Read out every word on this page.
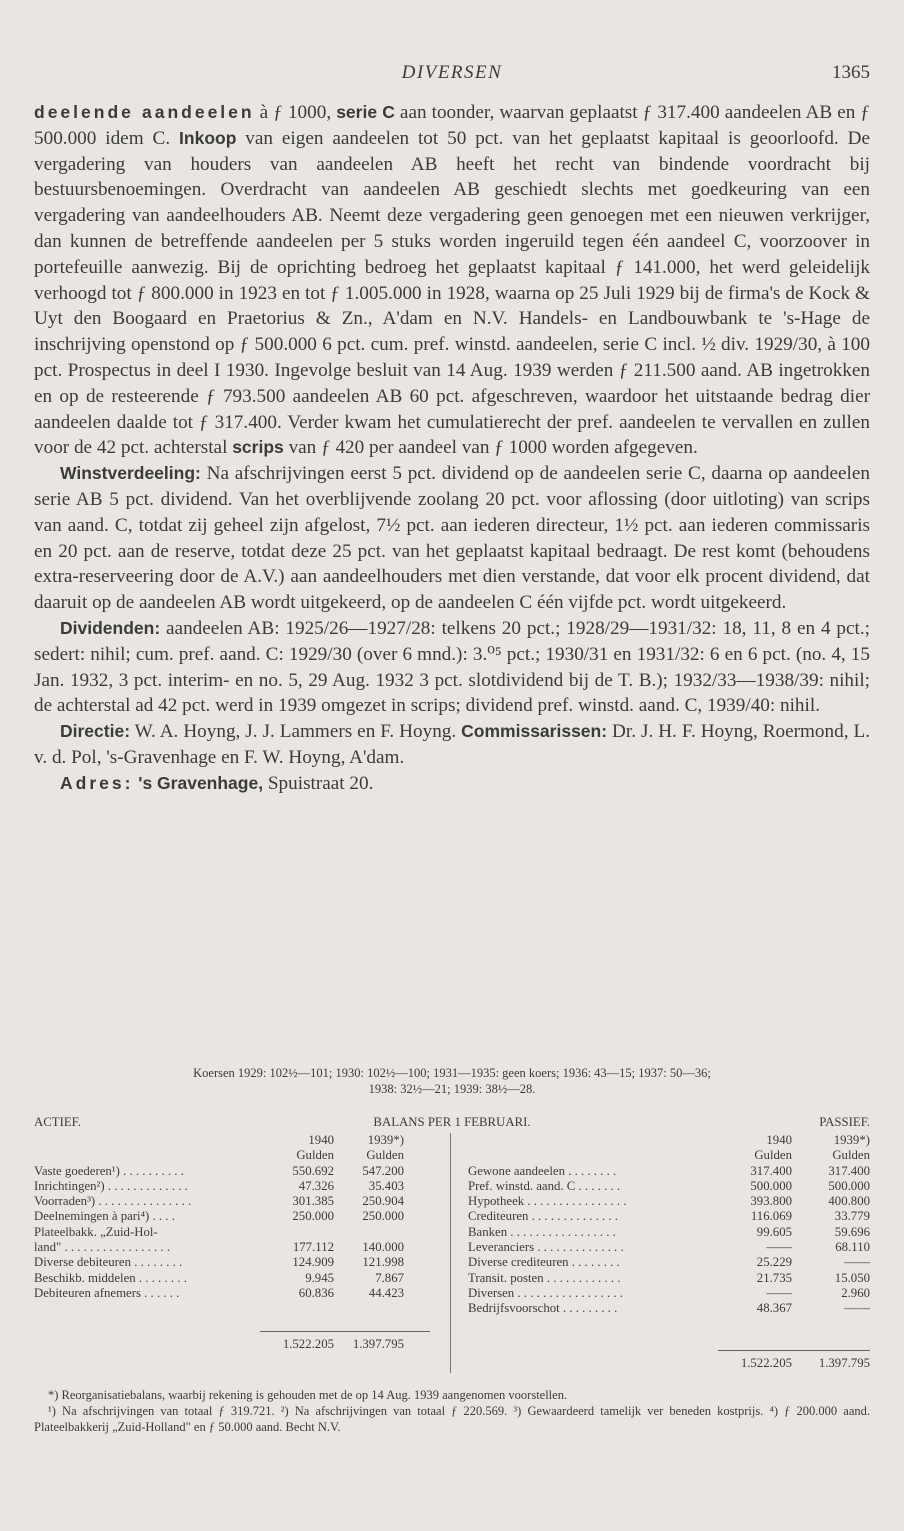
DIVERSEN	1365

deelende aandeelen à ƒ 1000, serie C aan toonder, waarvan geplaatst ƒ 317.400 aandeelen AB en ƒ 500.000 idem C. Inkoop van eigen aandeelen tot 50 pct. van het geplaatst kapitaal is geoorloofd. De vergadering van houders van aandeelen AB heeft het recht van bindende voordracht bij bestuursbenoemingen. Overdracht van aandeelen AB geschiedt slechts met goedkeuring van een vergadering van aandeelhouders AB. Neemt deze vergadering geen genoegen met een nieuwen verkrijger, dan kunnen de betreffende aandeelen per 5 stuks worden ingeruild tegen één aandeel C, voorzoover in portefeuille aanwezig. Bij de oprichting bedroeg het geplaatst kapitaal ƒ 141.000, het werd geleidelijk verhoogd tot ƒ 800.000 in 1923 en tot ƒ 1.005.000 in 1928, waarna op 25 Juli 1929 bij de firma's de Kock & Uyt den Boogaard en Praetorius & Zn., A'dam en N.V. Handels- en Landbouwbank te 's-Hage de inschrijving openstond op ƒ 500.000 6 pct. cum. pref. winstd. aandeelen, serie C incl. ½ div. 1929/30, à 100 pct. Prospectus in deel I 1930. Ingevolge besluit van 14 Aug. 1939 werden ƒ 211.500 aand. AB ingetrokken en op de resteerende ƒ 793.500 aandeelen AB 60 pct. afgeschreven, waardoor het uitstaande bedrag dier aandeelen daalde tot ƒ 317.400. Verder kwam het cumulatierecht der pref. aandeelen te vervallen en zullen voor de 42 pct. achterstal scrips van ƒ 420 per aandeel van ƒ 1000 worden afgegeven.

Winstverdeeling: Na afschrijvingen eerst 5 pct. dividend op de aandeelen serie C, daarna op aandeelen serie AB 5 pct. dividend. Van het overblijvende zoolang 20 pct. voor aflossing (door uitloting) van scrips van aand. C, totdat zij geheel zijn afgelost, 7½ pct. aan iederen directeur, 1½ pct. aan iederen commissaris en 20 pct. aan de reserve, totdat deze 25 pct. van het geplaatst kapitaal bedraagt. De rest komt (behoudens extra-reserveering door de A.V.) aan aandeelhouders met dien verstande, dat voor elk procent dividend, dat daaruit op de aandeelen AB wordt uitgekeerd, op de aandeelen C één vijfde pct. wordt uitgekeerd.

Dividenden: aandeelen AB: 1925/26—1927/28: telkens 20 pct.; 1928/29—1931/32: 18, 11, 8 en 4 pct.; sedert: nihil; cum. pref. aand. C: 1929/30 (over 6 mnd.): 3.⁰⁵ pct.; 1930/31 en 1931/32: 6 en 6 pct. (no. 4, 15 Jan. 1932, 3 pct. interim- en no. 5, 29 Aug. 1932 3 pct. slotdividend bij de T. B.); 1932/33—1938/39: nihil; de achterstal ad 42 pct. werd in 1939 omgezet in scrips; dividend pref. winstd. aand. C, 1939/40: nihil.

Directie: W. A. Hoyng, J. J. Lammers en F. Hoyng. Commissarissen: Dr. J. H. F. Hoyng, Roermond, L. v. d. Pol, 's-Gravenhage en F. W. Hoyng, A'dam.

Adres: 's Gravenhage, Spuistraat 20.

Koersen 1929: 102½—101; 1930: 102½—100; 1931—1935: geen koers; 1936: 43—15; 1937: 50—36;
1938: 32½—21; 1939: 38½—28.
BALANS PER 1 FEBRUARI.
ACTIEF.	PASSIEF.
1940	1939*)
Gulden	Gulden
Vaste goederen¹) . . . . . . . . . .	550.692 547.200
Inrichtingen²) . . . . . . . . . . . . .	47.326	35.403
Voorraden³) . . . . . . . . . . . . . . .	301.385 250.904
Deelnemingen à pari⁴) . . . .	250.000 250.000
Plateelbakk. „Zuid-Hol-
land" . . . . . . . . . . . . . . . . .	177.112 140.000
Diverse debiteuren . . . . . . . .	124.909 121.998
Beschikb. middelen . . . . . . . .	9.945	7.867
Debiteuren afnemers . . . . . .	60.836	44.423
1.522.205 1.397.795
1940	1939*)
Gulden	Gulden
Gewone aandeelen . . . . . . . .	317.400	317.400
Pref. winstd. aand. C . . . . . . .	500.000	500.000
Hypotheek . . . . . . . . . . . . . . . .	393.800	400.800
Crediteuren . . . . . . . . . . . . . .	116.069	33.779
Banken . . . . . . . . . . . . . . . . .	99.605	59.696
Leveranciers . . . . . . . . . . . . . .	——	68.110
Diverse crediteuren . . . . . . . .	25.229	——
Transit. posten . . . . . . . . . . . .	21.735	15.050
Diversen . . . . . . . . . . . . . . . . .	——	2.960
Bedrijfsvoorschot . . . . . . . . .	48.367	——
1.522.205 1.397.795

*) Reorganisatiebalans, waarbij rekening is gehouden met de op 14 Aug. 1939 aangenomen voorstellen.

¹) Na afschrijvingen van totaal ƒ 319.721. ²) Na afschrijvingen van totaal ƒ 220.569. ³) Gewaardeerd tamelijk ver beneden kostprijs. ⁴) ƒ 200.000 aand. Plateelbakkerij „Zuid-Holland" en ƒ 50.000 aand. Becht N.V.
